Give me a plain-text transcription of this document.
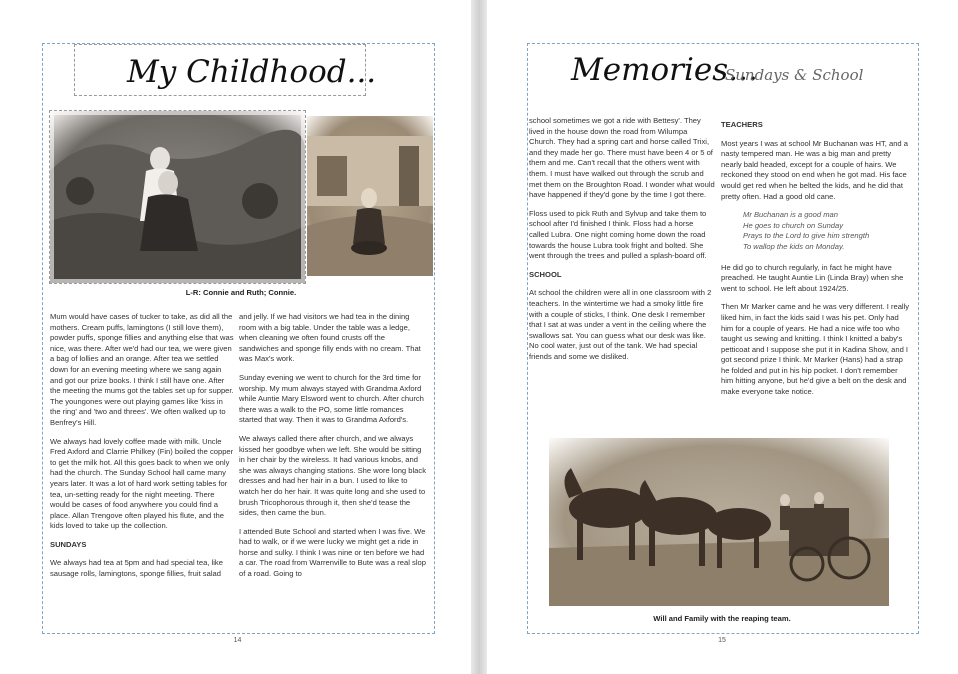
My Childhood...
L-R: Connie and Ruth; Connie.

Mum would have cases of tucker to take, as did all the mothers. Cream puffs, lamingtons (I still love them), powder puffs, sponge fillies and anything else that was nice, was there. After we'd had our tea, we were given a bag of lollies and an orange. After tea we settled down for an evening meeting where we sang again and got our prize books. I think I still have one. After the meeting the mums got the tables set up for supper. The youngones were out playing games like 'kiss in the ring' and 'two and threes'. We often walked up to Benfrey's Hill.

We always had lovely coffee made with milk. Uncle Fred Axford and Clarrie Philkey (Fin) boiled the copper to get the milk hot. All this goes back to when we only had the church. The Sunday School hall came many years later. It was a lot of hard work setting tables for tea, un-setting ready for the night meeting. There would be cases of food anywhere you could find a place. Allan Trengove often played his flute, and the kids loved to take up the collection.

SUNDAYS

We always had tea at 5pm and had special tea, like sausage rolls, lamingtons, sponge fillies, fruit salad

and jelly. If we had visitors we had tea in the dining room with a big table. Under the table was a ledge, when cleaning we often found crusts off the sandwiches and sponge filly ends with no cream. That was Max's work.

Sunday evening we went to church for the 3rd time for worship. My mum always stayed with Grandma Axford while Auntie Mary Elsword went to church. After church there was a walk to the PO, some little romances started that way. Then it was to Grandma Axford's.

We always called there after church, and we always kissed her goodbye when we left. She would be sitting in her chair by the wireless. It had various knobs, and she was always changing stations. She wore long black dresses and had her hair in a bun. I used to like to watch her do her hair. It was quite long and she used to brush Tricophorous through it, then she'd tease the sides, then came the bun.

I attended Bute School and started when I was five. We had to walk, or if we were lucky we might get a ride in horse and sulky. I think I was nine or ten before we had a car. The road from Warrenville to Bute was a real slop of a road. Going to

14
Memories...
Sundays & School

school sometimes we got a ride with Bettesy'. They lived in the house down the road from Wilumpa Church. They had a spring cart and horse called Trixi, and they made her go. There must have been 4 or 5 of them and me. Can't recall that the others went with them. I must have walked out through the scrub and met them on the Broughton Road. I wonder what would have happened if they'd gone by the time I got there.

Floss used to pick Ruth and Sylvup and take them to school after I'd finished I think. Floss had a horse called Lubra. One night coming home down the road towards the house Lubra took fright and bolted. She went through the trees and pulled a splash-board off.

SCHOOL

At school the children were all in one classroom with 2 teachers. In the wintertime we had a smoky little fire with a couple of sticks, I think. One desk I remember that I sat at was under a vent in the ceiling where the swallows sat. You can guess what our desk was like. No cool water, just out of the tank. We had special friends and some we disliked.

TEACHERS

Most years I was at school Mr Buchanan was HT, and a nasty tempered man. He was a big man and pretty nearly bald headed, except for a couple of hairs. We reckoned they stood on end when he got mad. His face would get red when he belted the kids, and he did that pretty often. Had a good old cane.

Mr Buchanan is a good man
He goes to church on Sunday
Prays to the Lord to give him strength
To wallop the kids on Monday.

He did go to church regularly, in fact he might have preached. He taught Auntie Lin (Linda Bray) when she went to school. He left about 1924/25.

Then Mr Marker came and he was very different. I really liked him, in fact the kids said I was his pet. Only had him for a couple of years. He had a nice wife too who taught us sewing and knitting. I think I knitted a baby's petticoat and I suppose she put it in Kadina Show, and I got second prize I think. Mr Marker (Hans) had a strap he folded and put in his hip pocket. I don't remember him hitting anyone, but he'd give a belt on the desk and make everyone take notice.

Will and Family with the reaping team.
15
